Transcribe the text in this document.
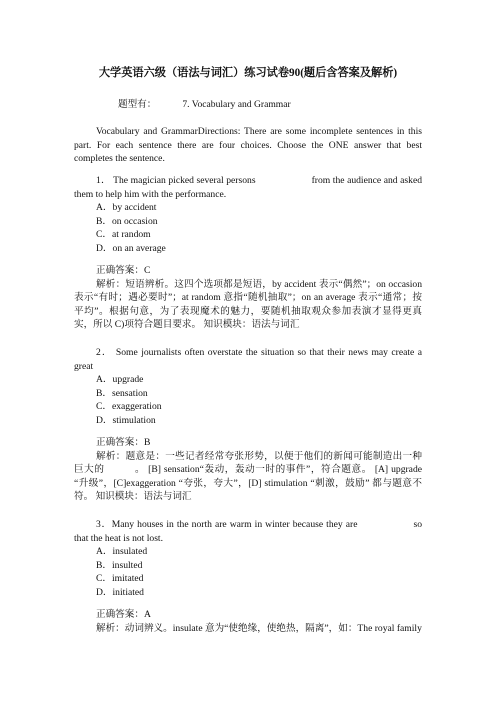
大学英语六级（语法与词汇）练习试卷90(题后含答案及解析)
题型有：	7. Vocabulary and Grammar
Vocabulary and GrammarDirections: There are some incomplete sentences in this part. For each sentence there are four choices. Choose the ONE answer that best completes the sentence.

1． The magician picked several persons	from the audience and asked them to help him with the performance.

A．by accident

B．on occasion

C．at random

D．on an average

正确答案：C

解析：短语辨析。这四个选项都是短语，by accident 表示“偶然”；on occasion 表示“有时；遇必要时”；at random 意指“随机抽取”；on an average 表示“通常；按平均”。根据句意，为了表现魔术的魅力，要随机抽取观众参加表演才显得更真实，所以 C)项符合题目要求。 知识模块：语法与词汇

2． Some journalists often overstate the situation so that their news may create a great

A．upgrade

B．sensation

C．exaggeration

D．stimulation

正确答案：B

解析：题意是：一些记者经常夸张形势，以便于他们的新闻可能制造出一种巨大的	。 [B] sensation“轰动，轰动一时的事件”，符合题意。 [A] upgrade “升级”，[C]exaggeration “夸张，夸大”，[D] stimulation “刺激，鼓励” 都与题意不符。 知识模块：语法与词汇

3．Many houses in the north are warm in winter because they are	so that the heat is not lost.

A．insulated

B．insulted

C．imitated

D．initiated

正确答案：A

解析：动词辨义。insulate 意为“使绝缘，使绝热，隔离”，如：The royal family
